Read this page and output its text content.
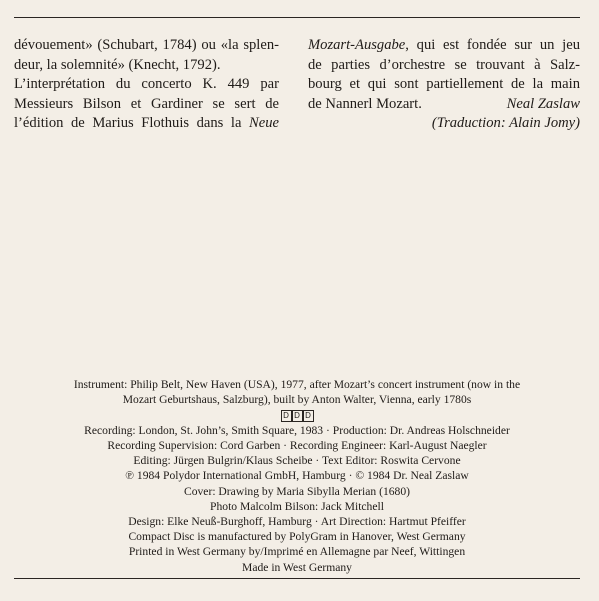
dévouement» (Schubart, 1784) ou «la splen-
deur, la solemnité» (Knecht, 1792).
L’interprétation du concerto K. 449 par
Messieurs Bilson et Gardiner se sert de
l’édition de Marius Flothuis dans la Neue
Mozart-Ausgabe, qui est fondée sur un jeu
de parties d’orchestre se trouvant à Salz-
bourg et qui sont partiellement de la main
de Nannerl Mozart.	Neal Zaslaw
(Traduction: Alain Jomy)
Instrument: Philip Belt, New Haven (USA), 1977, after Mozart’s concert instrument (now in the
Mozart Geburtshaus, Salzburg), built by Anton Walter, Vienna, early 1780s
D D D
Recording: London, St. John’s, Smith Square, 1983 · Production: Dr. Andreas Holschneider
Recording Supervision: Cord Garben · Recording Engineer: Karl-August Naegler
Editing: Jürgen Bulgrin/Klaus Scheibe · Text Editor: Roswita Cervone
℗ 1984 Polydor International GmbH, Hamburg · © 1984 Dr. Neal Zaslaw
Cover: Drawing by Maria Sibylla Merian (1680)
Photo Malcolm Bilson: Jack Mitchell
Design: Elke Neuß-Burghoff, Hamburg · Art Direction: Hartmut Pfeiffer
Compact Disc is manufactured by PolyGram in Hanover, West Germany
Printed in West Germany by/Imprimé en Allemagne par Neef, Wittingen
Made in West Germany
